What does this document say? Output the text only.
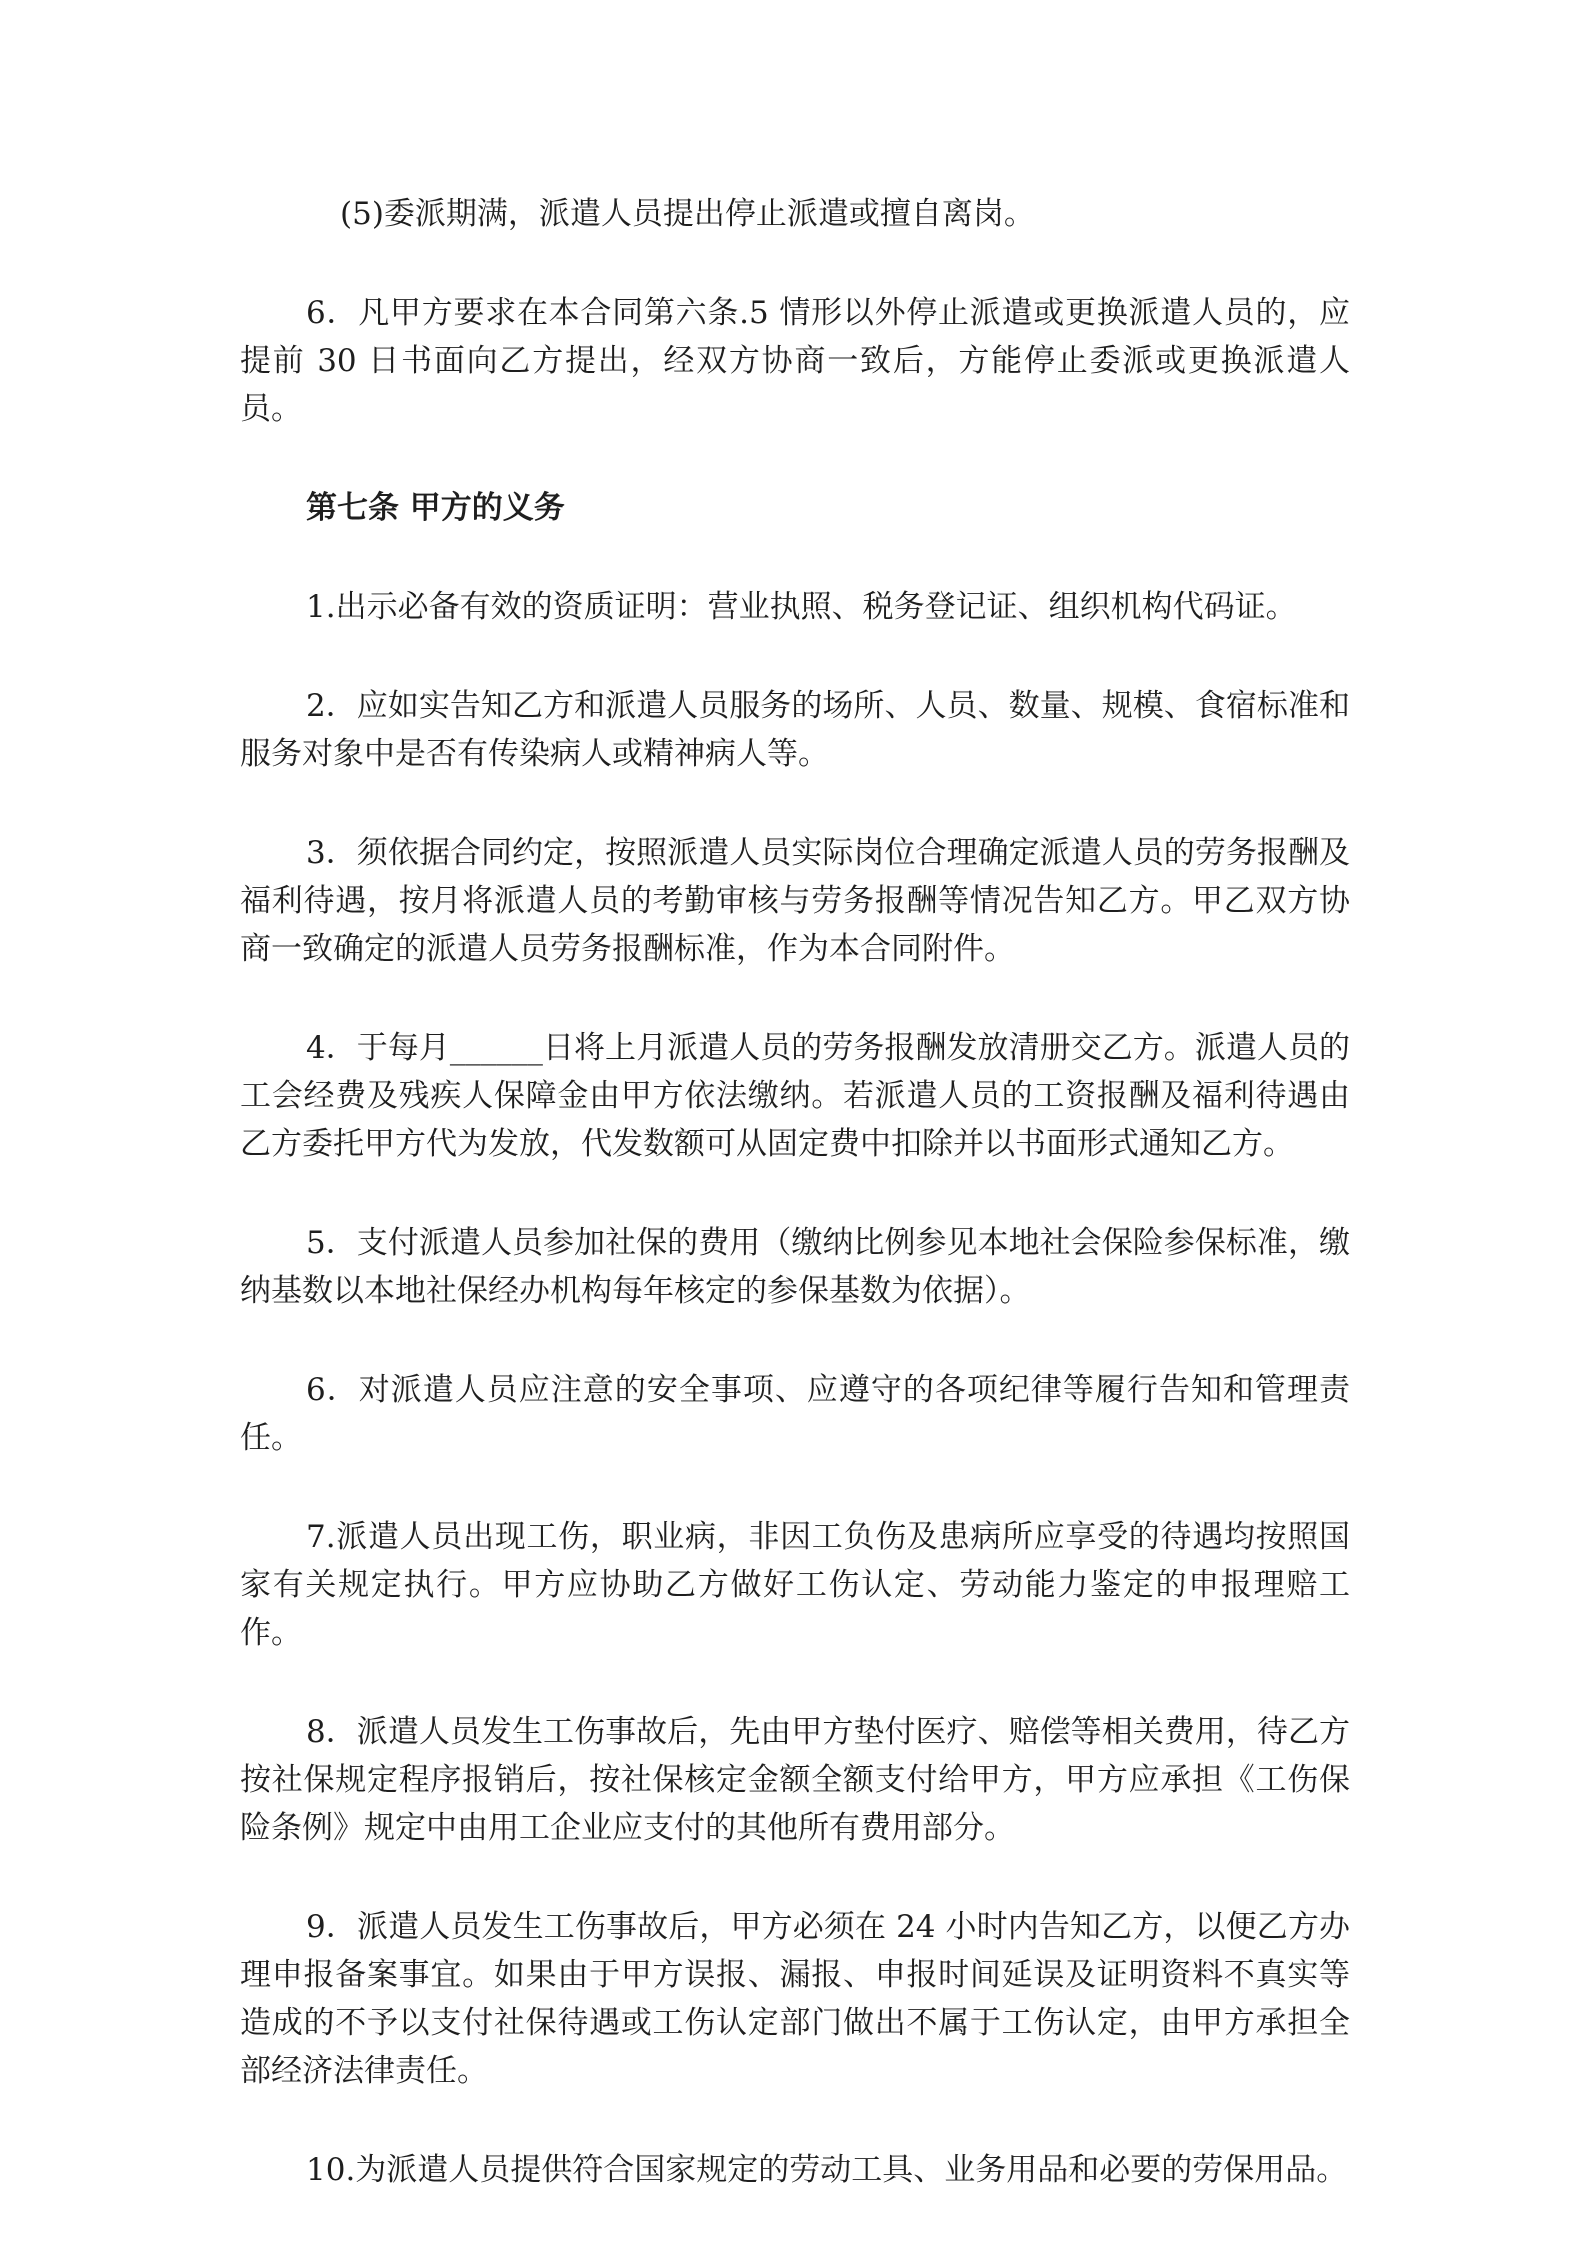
(5)委派期满，派遣人员提出停止派遣或擅自离岗。

6．凡甲方要求在本合同第六条.5 情形以外停止派遣或更换派遣人员的，应提前 30 日书面向乙方提出，经双方协商一致后，方能停止委派或更换派遣人员。

第七条 甲方的义务

1.出示必备有效的资质证明：营业执照、税务登记证、组织机构代码证。

2．应如实告知乙方和派遣人员服务的场所、人员、数量、规模、食宿标准和服务对象中是否有传染病人或精神病人等。

3．须依据合同约定，按照派遣人员实际岗位合理确定派遣人员的劳务报酬及福利待遇，按月将派遣人员的考勤审核与劳务报酬等情况告知乙方。甲乙双方协商一致确定的派遣人员劳务报酬标准，作为本合同附件。

4．于每月______日将上月派遣人员的劳务报酬发放清册交乙方。派遣人员的工会经费及残疾人保障金由甲方依法缴纳。若派遣人员的工资报酬及福利待遇由乙方委托甲方代为发放，代发数额可从固定费中扣除并以书面形式通知乙方。

5．支付派遣人员参加社保的费用（缴纳比例参见本地社会保险参保标准，缴纳基数以本地社保经办机构每年核定的参保基数为依据）。

6．对派遣人员应注意的安全事项、应遵守的各项纪律等履行告知和管理责任。

7.派遣人员出现工伤，职业病，非因工负伤及患病所应享受的待遇均按照国家有关规定执行。甲方应协助乙方做好工伤认定、劳动能力鉴定的申报理赔工作。

8．派遣人员发生工伤事故后，先由甲方垫付医疗、赔偿等相关费用，待乙方按社保规定程序报销后，按社保核定金额全额支付给甲方，甲方应承担《工伤保险条例》规定中由用工企业应支付的其他所有费用部分。

9．派遣人员发生工伤事故后，甲方必须在 24 小时内告知乙方，以便乙方办理申报备案事宜。如果由于甲方误报、漏报、申报时间延误及证明资料不真实等造成的不予以支付社保待遇或工伤认定部门做出不属于工伤认定，由甲方承担全部经济法律责任。

10.为派遣人员提供符合国家规定的劳动工具、业务用品和必要的劳保用品。
